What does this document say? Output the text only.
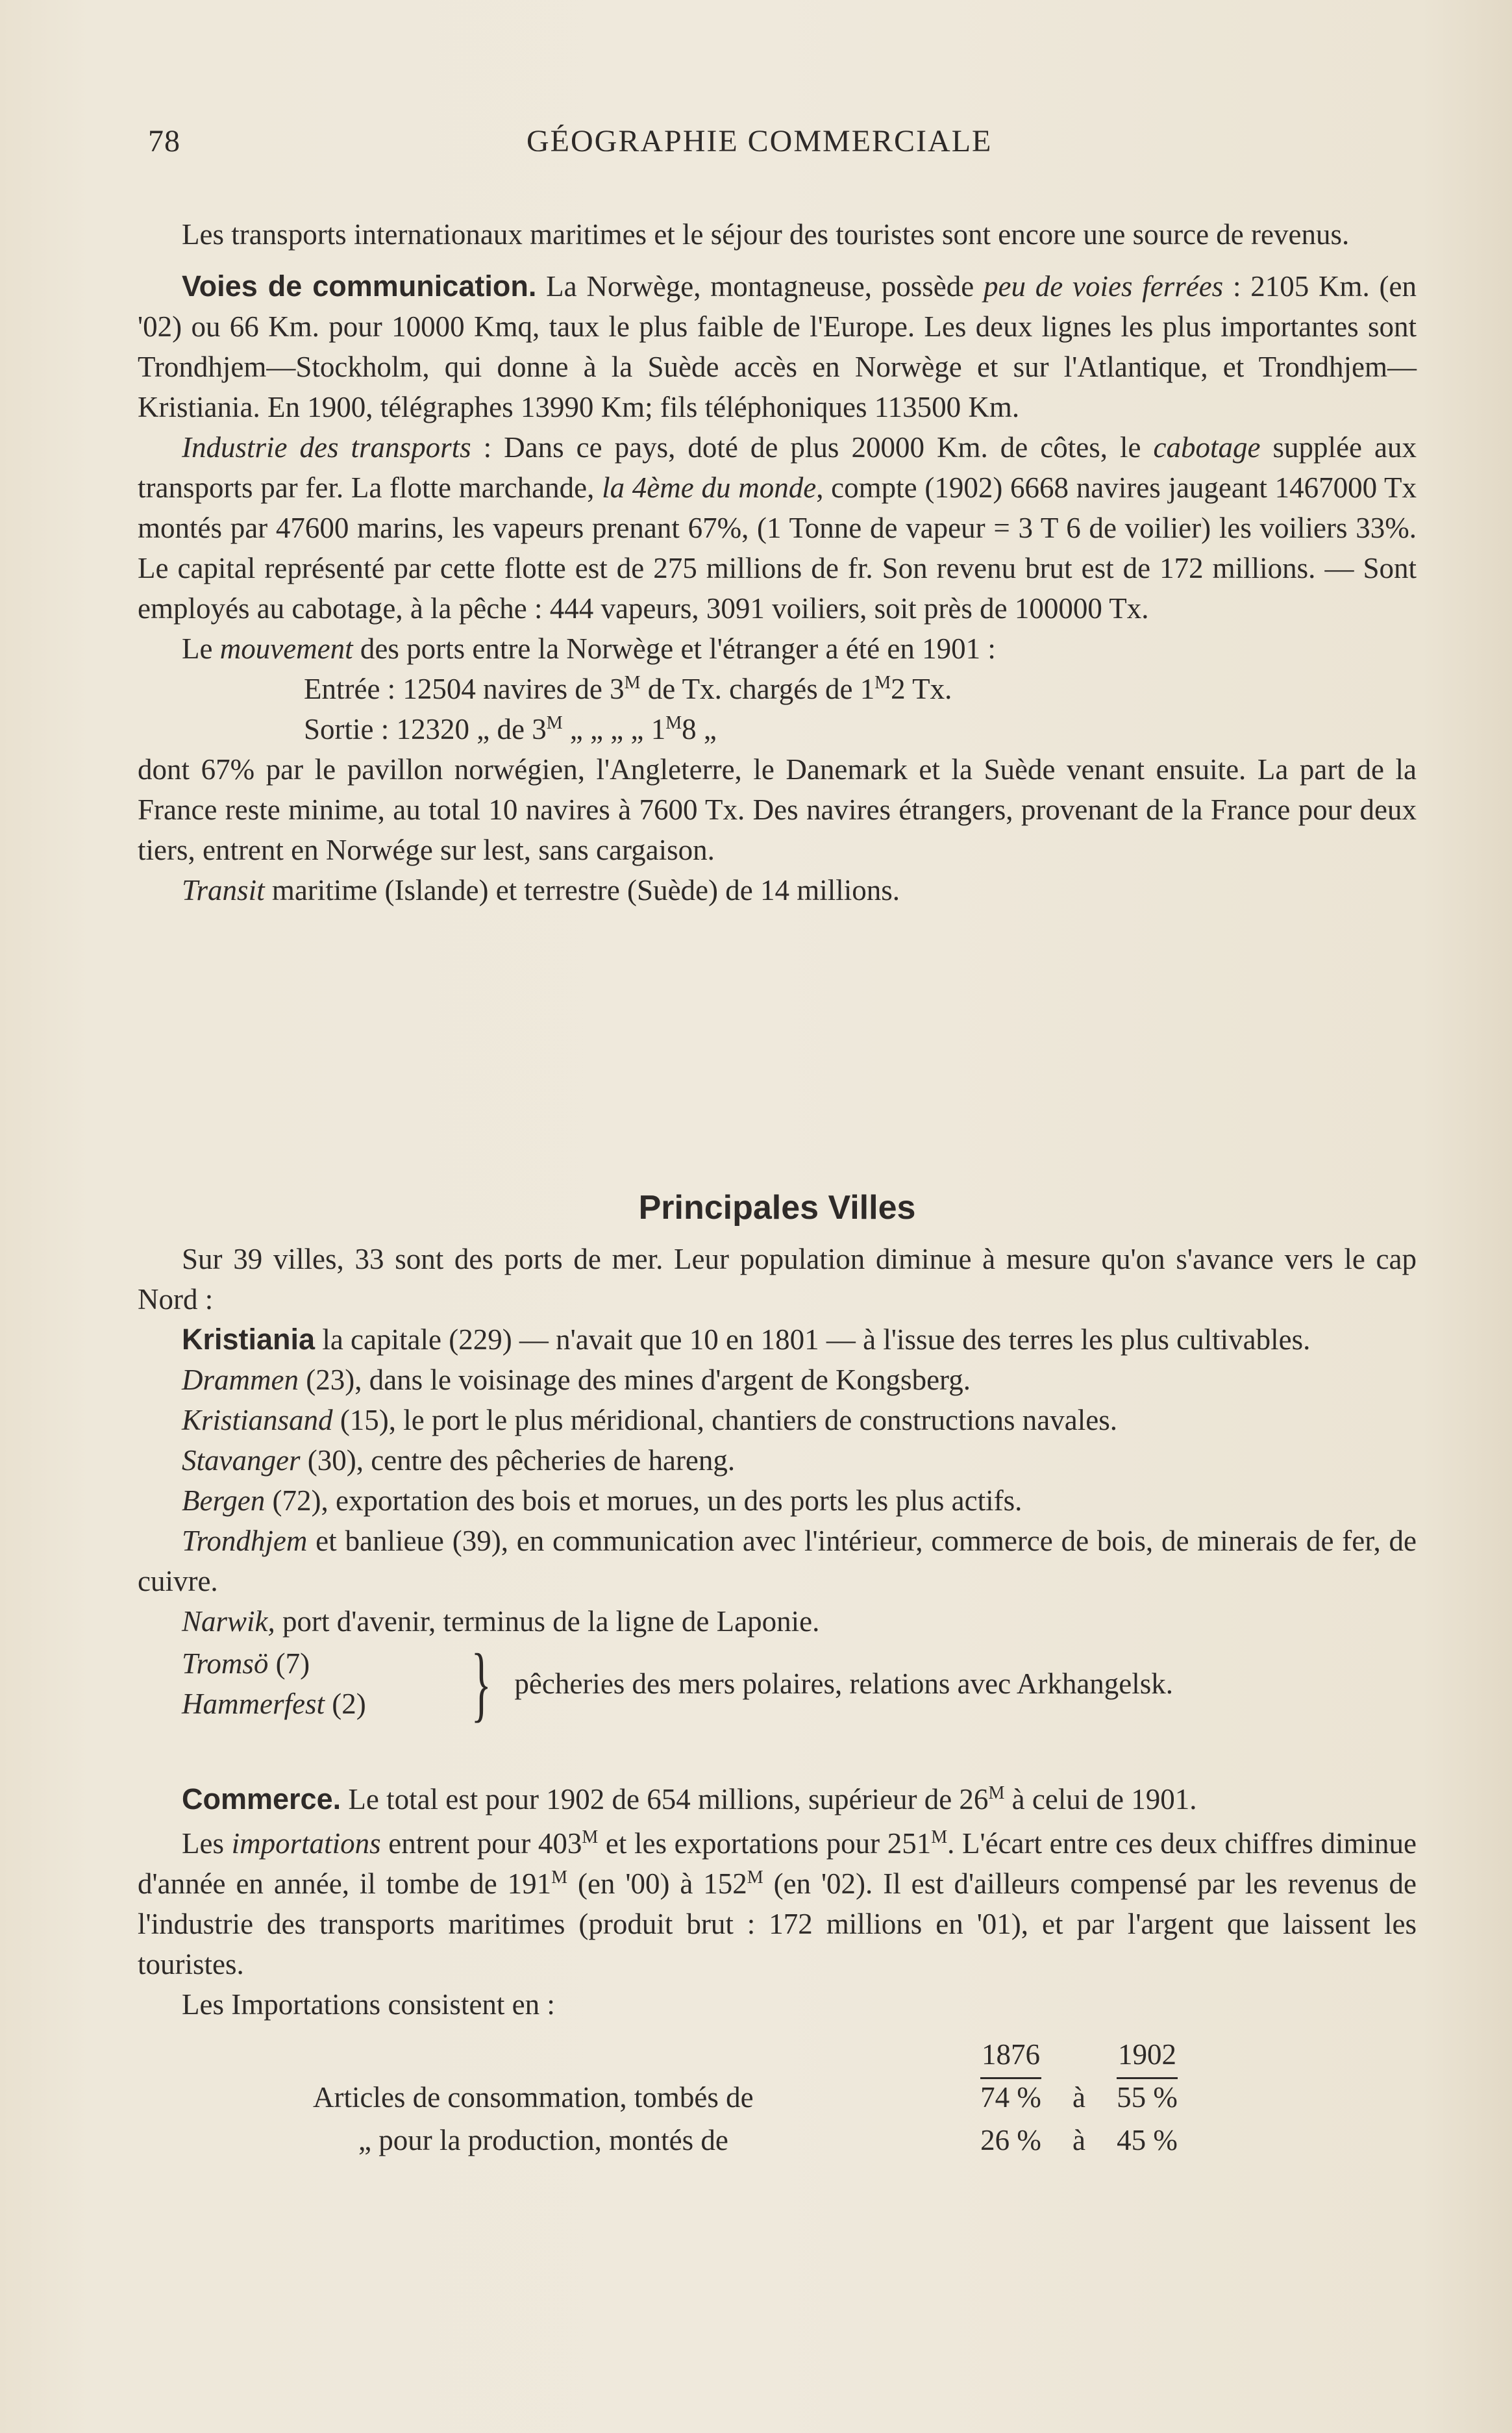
78	GÉOGRAPHIE COMMERCIALE

Les transports internationaux maritimes et le séjour des touristes sont encore une source de revenus.

Voies de communication. La Norwège, montagneuse, possède peu de voies ferrées : 2105 Km. (en '02) ou 66 Km. pour 10000 Kmq, taux le plus faible de l'Europe. Les deux lignes les plus importantes sont Trondhjem—Stockholm, qui donne à la Suède accès en Norwège et sur l'Atlantique, et Trondhjem—Kristiania. En 1900, télégraphes 13990 Km; fils téléphoniques 113500 Km.

Industrie des transports : Dans ce pays, doté de plus 20000 Km. de côtes, le cabotage supplée aux transports par fer. La flotte marchande, la 4ème du monde, compte (1902) 6668 navires jaugeant 1467000 Tx montés par 47600 marins, les vapeurs prenant 67%, (1 Tonne de vapeur = 3 T 6 de voilier) les voiliers 33%. Le capital représenté par cette flotte est de 275 millions de fr. Son revenu brut est de 172 millions. — Sont employés au cabotage, à la pêche : 444 vapeurs, 3091 voiliers, soit près de 100000 Tx.

Le mouvement des ports entre la Norwège et l'étranger a été en 1901 :

Entrée : 12504 navires de $3^M$ de Tx. chargés de $1^M2$ Tx.
Sortie : 12320 „ de $3^M$ „ „ „ „ $1^M8$ „

dont 67% par le pavillon norwégien, l'Angleterre, le Danemark et la Suède venant ensuite. La part de la France reste minime, au total 10 navires à 7600 Tx. Des navires étrangers, provenant de la France pour deux tiers, entrent en Norwége sur lest, sans cargaison.

Transit maritime (Islande) et terrestre (Suède) de 14 millions.

Principales Villes

Sur 39 villes, 33 sont des ports de mer. Leur population diminue à mesure qu'on s'avance vers le cap Nord :

Kristiania la capitale (229) — n'avait que 10 en 1801 — à l'issue des terres les plus cultivables.

Drammen (23), dans le voisinage des mines d'argent de Kongsberg.

Kristiansand (15), le port le plus méridional, chantiers de constructions navales.

Stavanger (30), centre des pêcheries de hareng.

Bergen (72), exportation des bois et morues, un des ports les plus actifs.

Trondhjem et banlieue (39), en communication avec l'intérieur, commerce de bois, de minerais de fer, de cuivre.

Narwik, port d'avenir, terminus de la ligne de Laponie.

Tromsö (7)
Hammerfest (2)	} pêcheries des mers polaires, relations avec Arkhangelsk.

Commerce. Le total est pour 1902 de 654 millions, supérieur de $26^M$ à celui de 1901.

Les importations entrent pour $403^M$ et les exportations pour $251^M$. L'écart entre ces deux chiffres diminue d'année en année, il tombe de $191^M$ (en '00) à $152^M$ (en '02). Il est d'ailleurs compensé par les revenus de l'industrie des transports maritimes (produit brut : 172 millions en '01), et par l'argent que laissent les touristes.

Les Importations consistent en :

	1876		1902
Articles de consommation, tombés de	74 %	à	55 %
„ pour la production, montés de	26 %	à	45 %
